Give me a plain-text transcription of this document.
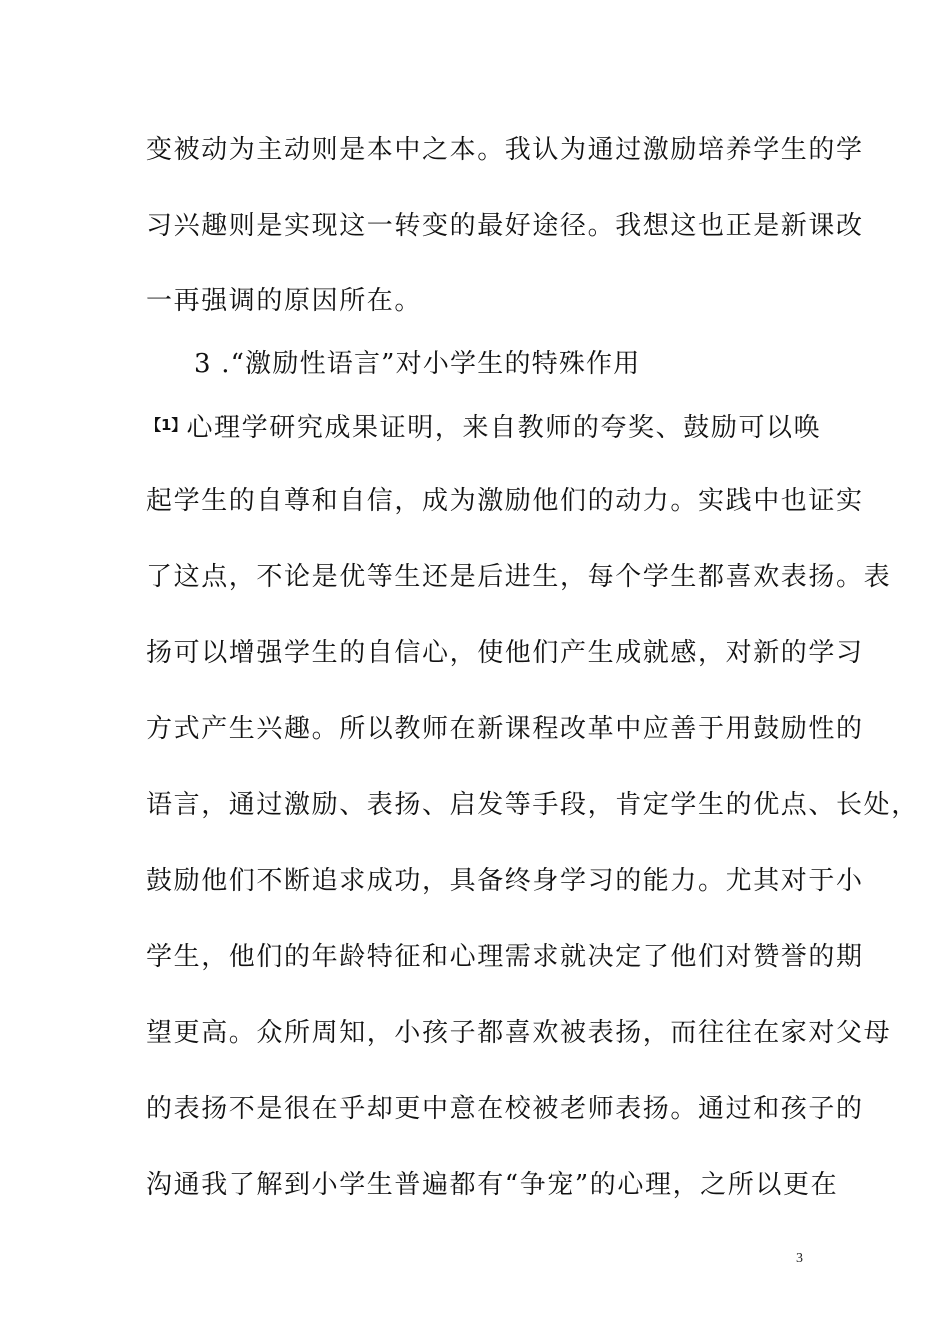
变被动为主动则是本中之本。我认为通过激励培养学生的学
习兴趣则是实现这一转变的最好途径。我想这也正是新课改
一再强调的原因所在。
3 .“激励性语言”对小学生的特殊作用
$^{【1】}$心理学研究成果证明，来自教师的夸奖、鼓励可以唤
起学生的自尊和自信，成为激励他们的动力。实践中也证实
了这点，不论是优等生还是后进生，每个学生都喜欢表扬。表
扬可以增强学生的自信心，使他们产生成就感，对新的学习
方式产生兴趣。所以教师在新课程改革中应善于用鼓励性的
语言，通过激励、表扬、启发等手段，肯定学生的优点、长处，
鼓励他们不断追求成功，具备终身学习的能力。尤其对于小
学生，他们的年龄特征和心理需求就决定了他们对赞誉的期
望更高。众所周知，小孩子都喜欢被表扬，而往往在家对父母
的表扬不是很在乎却更中意在校被老师表扬。通过和孩子的
沟通我了解到小学生普遍都有“争宠”的心理，之所以更在
3
